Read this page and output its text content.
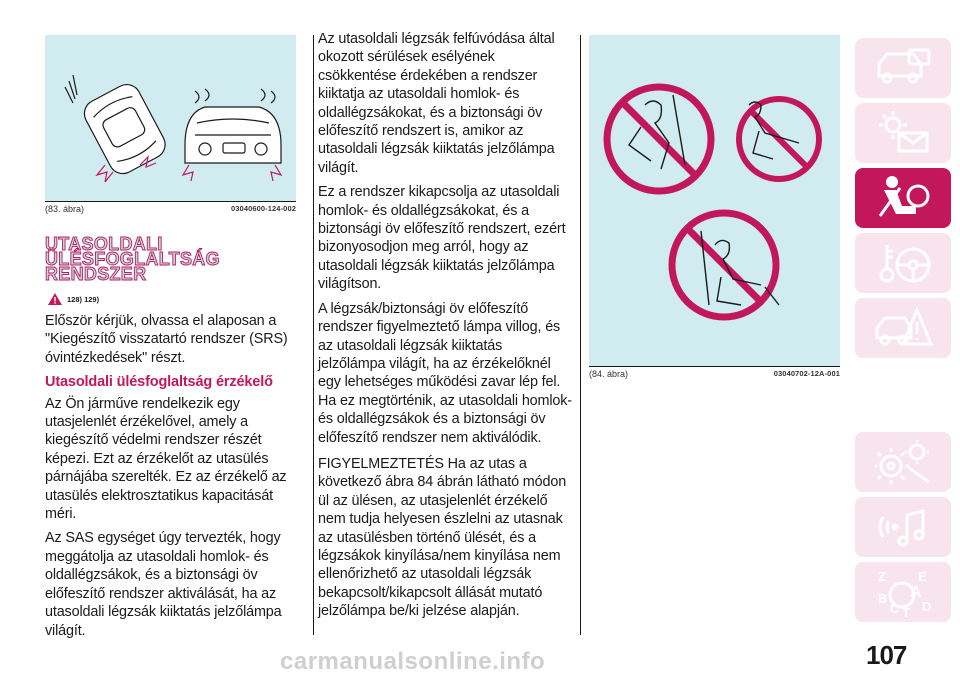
(83. ábra)	03040600-124-002
UTASOLDALI
ÜLÉSFOGLALTSÁG
RENDSZER
128) 129)

Először kérjük, olvassa el alaposan a "Kiegészítő visszatartó rendszer (SRS) óvintézkedések" részt.

Utasoldali ülésfoglaltság érzékelő

Az Ön járműve rendelkezik egy utasjelenlét érzékelővel, amely a kiegészítő védelmi rendszer részét képezi. Ezt az érzékelőt az utasülés párnájába szerelték. Ez az érzékelő az utasülés elektrosztatikus kapacitását méri.

Az SAS egységet úgy tervezték, hogy meggátolja az utasoldali homlok- és oldallégzsákok, és a biztonsági öv előfeszítő rendszer aktiválását, ha az utasoldali légzsák kiiktatás jelzőlámpa világít.

Az utasoldali légzsák felfúvódása által okozott sérülések esélyének csökkentése érdekében a rendszer kiiktatja az utasoldali homlok- és oldallégzsákokat, és a biztonsági öv előfeszítő rendszert is, amikor az utasoldali légzsák kiiktatás jelzőlámpa világít.

Ez a rendszer kikapcsolja az utasoldali homlok- és oldallégzsákokat, és a biztonsági öv előfeszítő rendszert, ezért bizonyosodjon meg arról, hogy az utasoldali légzsák kiiktatás jelzőlámpa világítson.

A légzsák/biztonsági öv előfeszítő rendszer figyelmeztető lámpa villog, és az utasoldali légzsák kiiktatás jelzőlámpa világít, ha az érzékelőknél egy lehetséges működési zavar lép fel. Ha ez megtörténik, az utasoldali homlok- és oldallégzsákok és a biztonsági öv előfeszítő rendszer nem aktiválódik.

FIGYELMEZTETÉS Ha az utas a következő ábra 84 ábrán látható módon ül az ülésen, az utasjelenlét érzékelő nem tudja helyesen észlelni az utasnak az utasülésben történő ülését, és a légzsákok kinyílása/nem kinyílása nem ellenőrizhető az utasoldali légzsák bekapcsolt/kikapcsolt állását mutató jelzőlámpa be/ki jelzése alapján.

(84. ábra)	03040702-12A-001
Z E
B A
C T D
107
carmanualsonline.info
